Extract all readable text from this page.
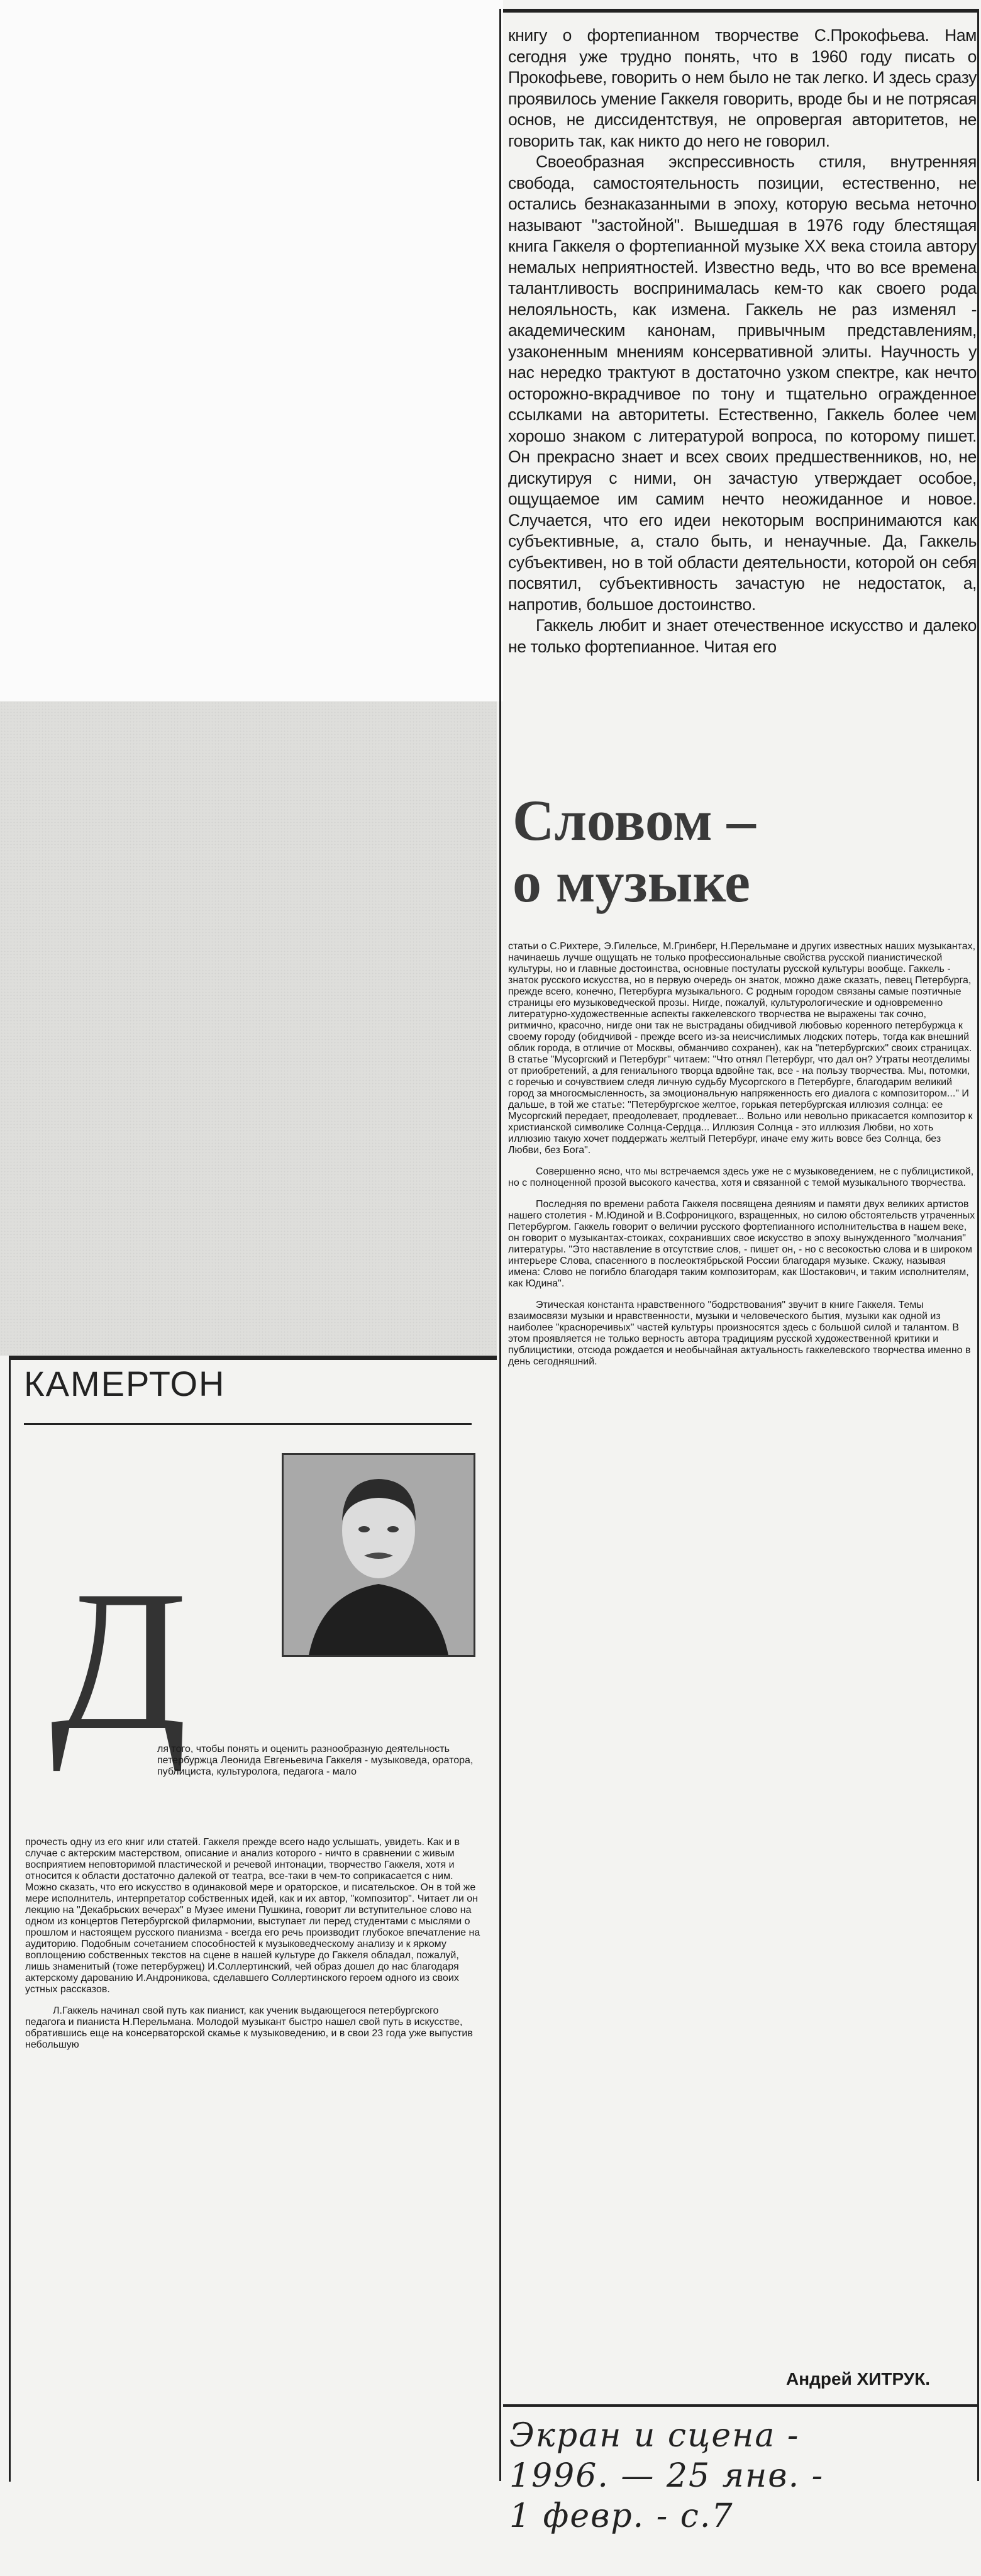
книгу о фортепианном творчестве С.Прокофьева. Нам сегодня уже трудно понять, что в 1960 году писать о Прокофьеве, говорить о нем было не так легко. И здесь сразу проявилось умение Гаккеля говорить, вроде бы и не потрясая основ, не диссидентствуя, не опровергая авторитетов, не говорить так, как никто до него не говорил.

Своеобразная экспрессивность стиля, внутренняя свобода, самостоятельность позиции, естественно, не остались безнаказанными в эпоху, которую весьма неточно называют "застойной". Вышедшая в 1976 году блестящая книга Гаккеля о фортепианной музыке XX века стоила автору немалых неприятностей. Известно ведь, что во все времена талантливость воспринималась кем-то как своего рода нелояльность, как измена. Гаккель не раз изменял - академическим канонам, привычным представлениям, узаконенным мнениям консервативной элиты. Научность у нас нередко трактуют в достаточно узком спектре, как нечто осторожно-вкрадчивое по тону и тщательно огражденное ссылками на авторитеты. Естественно, Гаккель более чем хорошо знаком с литературой вопроса, по которому пишет. Он прекрасно знает и всех своих предшественников, но, не дискутируя с ними, он зачастую утверждает особое, ощущаемое им самим нечто неожиданное и новое. Случается, что его идеи некоторым воспринимаются как субъективные, а, стало быть, и ненаучные. Да, Гаккель субъективен, но в той области деятельности, которой он себя посвятил, субъективность зачастую не недостаток, а, напротив, большое достоинство.

Гаккель любит и знает отечественное искусство и далеко не только фортепианное. Читая его

Словом –
о музыке

статьи о С.Рихтере, Э.Гилельсе, М.Гринберг, Н.Перельмане и других известных наших музыкантах, начинаешь лучше ощущать не только профессиональные свойства русской пианистической культуры, но и главные достоинства, основные постулаты русской культуры вообще. Гаккель - знаток русского искусства, но в первую очередь он знаток, можно даже сказать, певец Петербурга, прежде всего, конечно, Петербурга музыкального. С родным городом связаны самые поэтичные страницы его музыковедческой прозы. Нигде, пожалуй, культурологические и одновременно литературно-художественные аспекты гаккелевского творчества не выражены так сочно, ритмично, красочно, нигде они так не выстраданы обидчивой любовью коренного петербуржца к своему городу (обидчивой - прежде всего из-за неисчислимых людских потерь, тогда как внешний облик города, в отличие от Москвы, обманчиво сохранен), как на "петербургских" своих страницах. В статье "Мусоргский и Петербург" читаем: "Что отнял Петербург, что дал он? Утраты неотделимы от приобретений, а для гениального творца вдвойне так, все - на пользу творчества. Мы, потомки, с горечью и сочувствием следя личную судьбу Мусоргского в Петербурге, благодарим великий город за многосмысленность, за эмоциональную напряженность его диалога с композитором..." И дальше, в той же статье: "Петербургское желтое, горькая петербургская иллюзия солнца: ее Мусоргский передает, преодолевает, продлевает... Вольно или невольно прикасается композитор к христианской символике Солнца-Сердца... Иллюзия Солнца - это иллюзия Любви, но хоть иллюзию такую хочет поддержать желтый Петербург, иначе ему жить вовсе без Солнца, без Любви, без Бога".

Совершенно ясно, что мы встречаемся здесь уже не с музыковедением, не с публицистикой, но с полноценной прозой высокого качества, хотя и связанной с темой музыкального творчества.

Последняя по времени работа Гаккеля посвящена деяниям и памяти двух великих артистов нашего столетия - М.Юдиной и В.Софроницкого, взращенных, но силою обстоятельств утраченных Петербургом. Гаккель говорит о величии русского фортепианного исполнительства в нашем веке, он говорит о музыкантах-стоиках, сохранивших свое искусство в эпоху вынужденного "молчания" литературы. "Это наставление в отсутствие слов, - пишет он, - но с весокостью слова и в широком интерьере Слова, спасенного в послеоктябрьской России благодаря музыке. Скажу, называя имена: Слово не погибло благодаря таким композиторам, как Шостакович, и таким исполнителям, как Юдина".

Этическая константа нравственного "бодрствования" звучит в книге Гаккеля. Темы взаимосвязи музыки и нравственности, музыки и человеческого бытия, музыки как одной из наиболее "красноречивых" частей культуры произносятся здесь с большой силой и талантом. В этом проявляется не только верность автора традициям русской художественной критики и публицистики, отсюда рождается и необычайная актуальность гаккелевского творчества именно в день сегодняшний.

Андрей ХИТРУК.
КАМЕРТОН
Д

ля того, чтобы понять и оценить разнообразную деятельность петербуржца Леонида Евгеньевича Гаккеля - музыковеда, оратора, публициста, культуролога, педагога - мало

прочесть одну из его книг или статей. Гаккеля прежде всего надо услышать, увидеть. Как и в случае с актерским мастерством, описание и анализ которого - ничто в сравнении с живым восприятием неповторимой пластической и речевой интонации, творчество Гаккеля, хотя и относится к области достаточно далекой от театра, все-таки в чем-то соприкасается с ним. Можно сказать, что его искусство в одинаковой мере и ораторское, и писательское. Он в той же мере исполнитель, интерпретатор собственных идей, как и их автор, "композитор". Читает ли он лекцию на "Декабрьских вечерах" в Музее имени Пушкина, говорит ли вступительное слово на одном из концертов Петербургской филармонии, выступает ли перед студентами с мыслями о прошлом и настоящем русского пианизма - всегда его речь производит глубокое впечатление на аудиторию. Подобным сочетанием способностей к музыковедческому анализу и к яркому воплощению собственных текстов на сцене в нашей культуре до Гаккеля обладал, пожалуй, лишь знаменитый (тоже петербуржец) И.Соллертинский, чей образ дошел до нас благодаря актерскому дарованию И.Андроникова, сделавшего Соллертинского героем одного из своих устных рассказов.

Л.Гаккель начинал свой путь как пианист, как ученик выдающегося петербургского педагога и пианиста Н.Перельмана. Молодой музыкант быстро нашел свой путь в искусстве, обратившись еще на консерваторской скамье к музыковедению, и в свои 23 года уже выпустив небольшую

Экран и сцена -
1996. — 25 янв. -
1 февр. - с.7
